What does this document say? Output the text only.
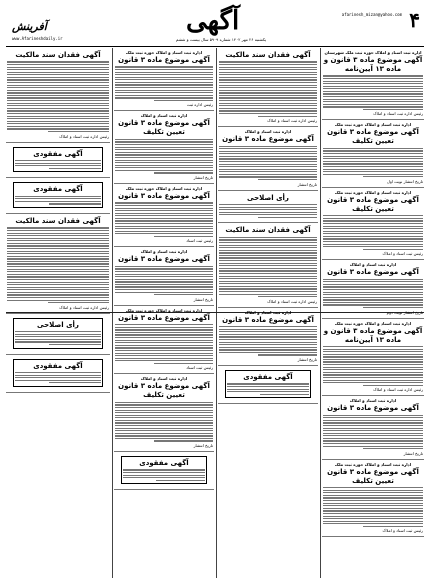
آفرینش
www.Afarineshdaily.ir
آگهی	afarinesh_mizan@yahoo.com
یکشنبه ۲۶ مهر ۱۴۰۲ شماره ۵۹۰۹ سال بیست و ششم
۴
اداره ثبت اسناد و املاک حوزه ثبت ملک شهرستان
آگهی موضوع ماده ۳ قانون و ماده ۱۳ آیین‌نامه
رئیس اداره ثبت اسناد و املاک
اداره ثبت اسناد و املاک حوزه ثبت ملک
آگهی موضوع ماده ۳ قانون تعیین تکلیف
تاریخ انتشار نوبت اول
اداره ثبت اسناد و املاک حوزه ثبت ملک
آگهی موضوع ماده ۳ قانون تعیین تکلیف
رئیس ثبت اسناد و املاک
اداره ثبت اسناد و املاک
آگهی موضوع ماده ۳ قانون
تاریخ انتشار نوبت دوم
اداره ثبت اسناد و املاک حوزه ثبت ملک
آگهی موضوع ماده ۳ قانون و ماده ۱۳ آیین‌نامه
رئیس اداره ثبت اسناد و املاک
اداره ثبت اسناد و املاک
آگهی موضوع ماده ۳ قانون
تاریخ انتشار
اداره ثبت اسناد و املاک حوزه ثبت ملک
آگهی موضوع ماده ۳ قانون تعیین تکلیف
رئیس ثبت اسناد و املاک
آگهی فقدان سند مالکیت
رئیس اداره ثبت اسناد و املاک
اداره ثبت اسناد و املاک
آگهی موضوع ماده ۳ قانون
تاریخ انتشار
رأی اصلاحی
آگهی فقدان سند مالکیت
رئیس اداره ثبت اسناد و املاک
اداره ثبت اسناد و املاک
آگهی موضوع ماده ۳ قانون
تاریخ انتشار
آگهی مفقودی
اداره ثبت اسناد و املاک حوزه ثبت ملک
آگهی موضوع ماده ۳ قانون
رئیس اداره ثبت
اداره ثبت اسناد و املاک
آگهی موضوع ماده ۳ قانون تعیین تکلیف
تاریخ انتشار
اداره ثبت اسناد و املاک حوزه ثبت ملک
آگهی موضوع ماده ۳ قانون
رئیس ثبت اسناد
اداره ثبت اسناد و املاک
آگهی موضوع ماده ۳ قانون
تاریخ انتشار
اداره ثبت اسناد و املاک حوزه ثبت ملک
آگهی موضوع ماده ۳ قانون
رئیس ثبت اسناد
اداره ثبت اسناد و املاک
آگهی موضوع ماده ۳ قانون تعیین تکلیف
تاریخ انتشار
آگهی مفقودی
آگهی فقدان سند مالکیت
رئیس اداره ثبت اسناد و املاک
آگهی مفقودی
آگهی مفقودی
آگهی فقدان سند مالکیت
رئیس اداره ثبت اسناد و املاک
رأی اصلاحی
آگهی مفقودی
